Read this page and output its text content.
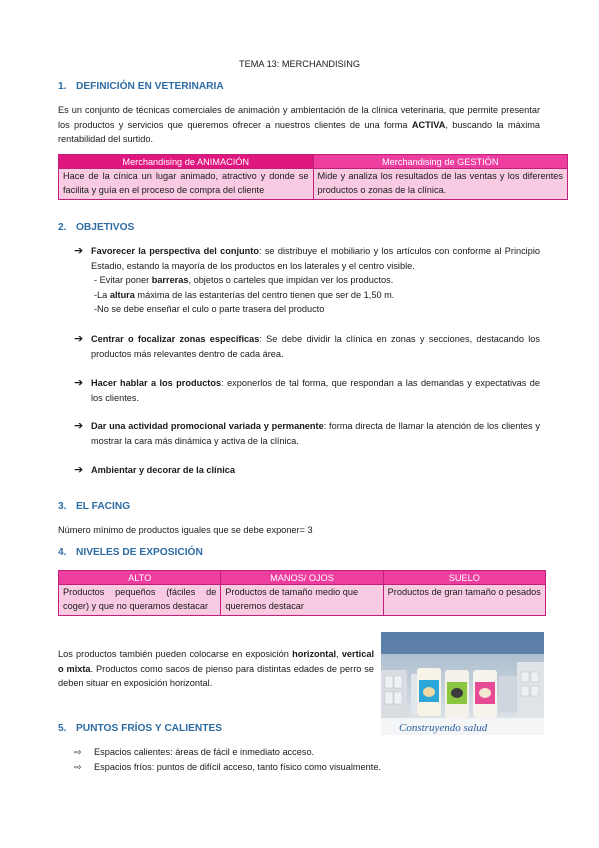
TEMA 13: MERCHANDISING
1. DEFINICIÓN EN VETERINARIA

Es un conjunto de técnicas comerciales de animación y ambientación de la clínica veterinaria, que permite presentar los productos y servicios que queremos ofrecer a nuestros clientes de una forma ACTIVA, buscando la máxima rentabilidad del surtido.

Merchandising de ANIMACIÓN	Merchandising de GESTIÓN
Hace de la cínica un lugar animado, atractivo y donde se facilita y guía en el proceso de compra del cliente	Mide y analiza los resultados de las ventas y los diferentes productos o zonas de la clínica.
2. OBJETIVOS
➔ Favorecer la perspectiva del conjunto: se distribuye el mobiliario y los artículos con conforme al Principio Estadio, estando la mayoría de los productos en los laterales y el centro visible.
- Evitar poner barreras, objetos o carteles que impidan ver los productos.
-La altura máxima de las estanterías del centro tienen que ser de 1,50 m.
-No se debe enseñar el culo o parte trasera del producto
➔ Centrar o focalizar zonas específicas: Se debe dividir la clínica en zonas y secciones, destacando los productos más relevantes dentro de cada área.
➔ Hacer hablar a los productos: exponerlos de tal forma, que respondan a las demandas y expectativas de los clientes.
➔ Dar una actividad promocional variada y permanente: forma directa de llamar la atención de los clientes y mostrar la cara más dinámica y activa de la clínica.
➔ Ambientar y decorar de la clínica
3. EL FACING

Número mínimo de productos iguales que se debe exponer= 3

4. NIVELES DE EXPOSICIÓN
ALTO	MANOS/ OJOS	SUELO
Productos pequeños (fáciles de coger) y que no queramos destacar	Productos de tamaño medio que queremos destacar	Productos de gran tamaño o pesados

Los productos también pueden colocarse en exposición horizontal, vertical o mixta. Productos como sacos de pienso para distintas edades de perro se deben situar en exposición horizontal.

Construyendo salud
5. PUNTOS FRÍOS Y CALIENTES
⇨ Espacios calientes: áreas de fácil e inmediato acceso.
⇨ Espacios fríos: puntos de difícil acceso, tanto físico como visualmente.
